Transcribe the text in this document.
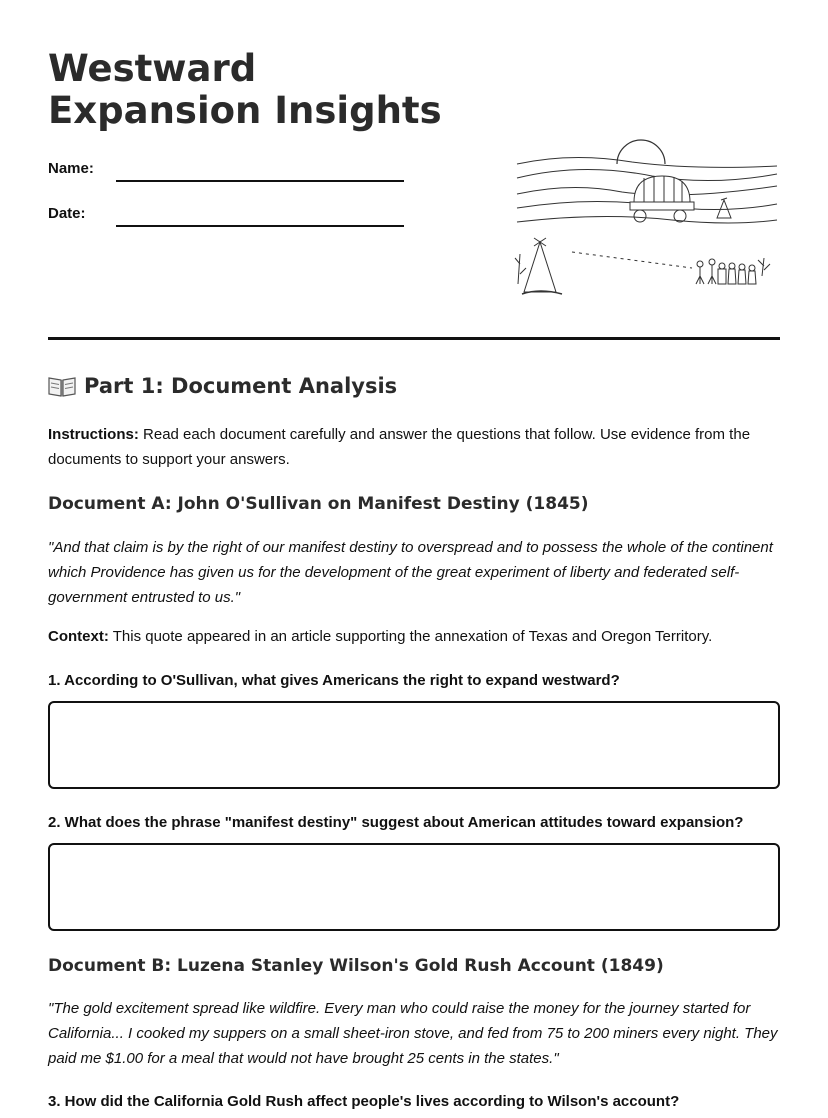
Westward Expansion Insights
Name:
Date:
Part 1: Document Analysis

Instructions: Read each document carefully and answer the questions that follow. Use evidence from the documents to support your answers.

Document A: John O'Sullivan on Manifest Destiny (1845)

"And that claim is by the right of our manifest destiny to overspread and to possess the whole of the continent which Providence has given us for the development of the great experiment of liberty and federated self-government entrusted to us."

Context: This quote appeared in an article supporting the annexation of Texas and Oregon Territory.

1. According to O'Sullivan, what gives Americans the right to expand westward?

2. What does the phrase "manifest destiny" suggest about American attitudes toward expansion?

Document B: Luzena Stanley Wilson's Gold Rush Account (1849)

"The gold excitement spread like wildfire. Every man who could raise the money for the journey started for California... I cooked my suppers on a small sheet-iron stove, and fed from 75 to 200 miners every night. They paid me $1.00 for a meal that would not have brought 25 cents in the states."

3. How did the California Gold Rush affect people's lives according to Wilson's account?
